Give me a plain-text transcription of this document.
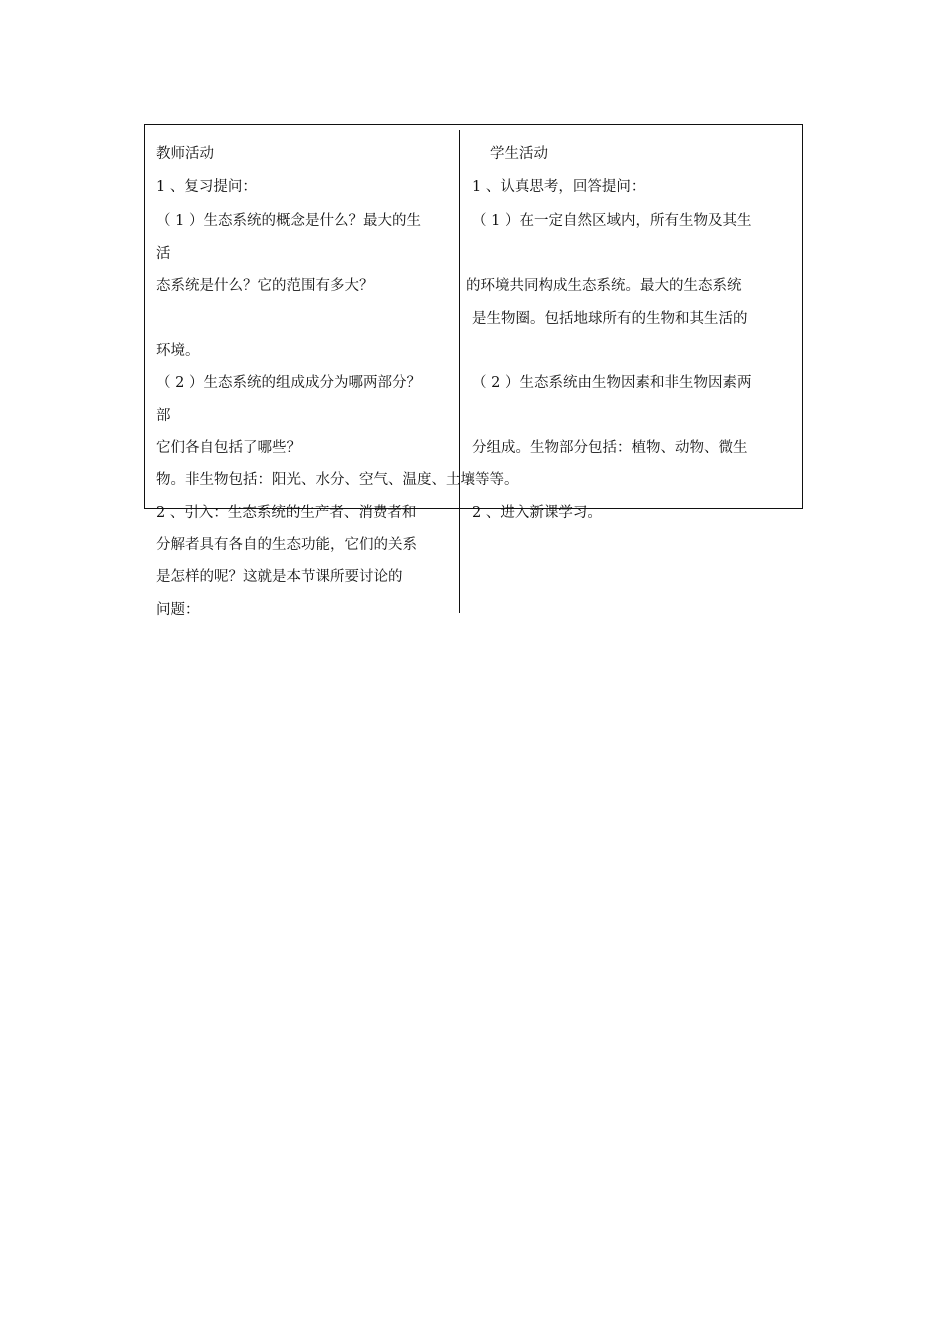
教师活动
1 、复习提问：
（ 1 ）生态系统的概念是什么？最大的生
活
态系统是什么？它的范围有多大？
环境。
（ 2 ）生态系统的组成成分为哪两部分？
部
它们各自包括了哪些？
物。非生物包括：阳光、水分、空气、温度、土壤等等。
2 、引入：生态系统的生产者、消费者和
分解者具有各自的生态功能，它们的关系
是怎样的呢？这就是本节课所要讨论的
问题：
学生活动
1 、认真思考，回答提问：
（ 1 ）在一定自然区域内，所有生物及其生
的环境共同构成生态系统。最大的生态系统
是生物圈。包括地球所有的生物和其生活的
（ 2 ）生态系统由生物因素和非生物因素两
分组成。生物部分包括：植物、动物、微生
2 、进入新课学习。
